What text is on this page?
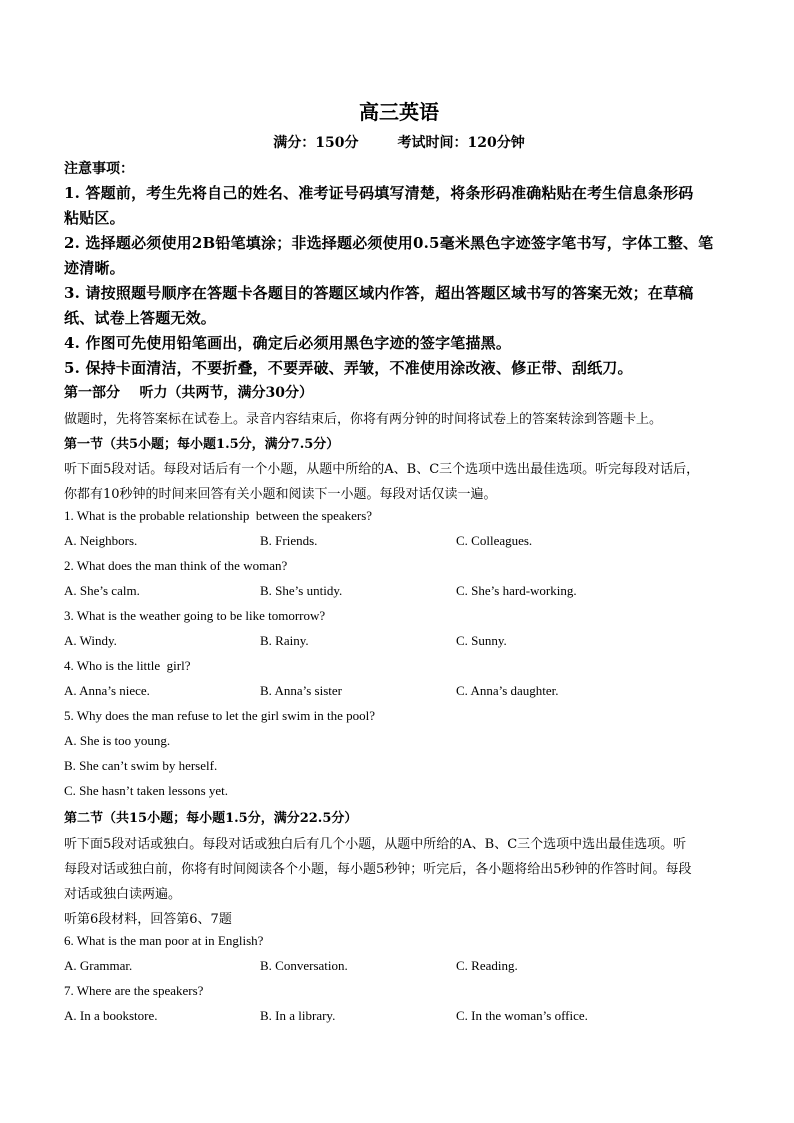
高三英语
满分：150分        考试时间：120分钟
注意事项：
1. 答题前，考生先将自己的姓名、准考证号码填写清楚，将条形码准确粘贴在考生信息条形码
粘贴区。
2. 选择题必须使用2B铅笔填涂；非选择题必须使用0.5毫米黑色字迹签字笔书写，字体工整、笔
迹清晰。
3. 请按照题号顺序在答题卡各题目的答题区域内作答，超出答题区域书写的答案无效；在草稿
纸、试卷上答题无效。
4. 作图可先使用铅笔画出，确定后必须用黑色字迹的签字笔描黑。
5. 保持卡面清洁，不要折叠，不要弄破、弄皱，不准使用涂改液、修正带、刮纸刀。
第一部分    听力（共两节，满分30分）
做题时，先将答案标在试卷上。录音内容结束后，你将有两分钟的时间将试卷上的答案转涂到答题卡上。
第一节（共5小题；每小题1.5分，满分7.5分）
听下面5段对话。每段对话后有一个小题，从题中所给的A、B、C三个选项中选出最佳选项。听完每段对话后，
你都有10秒钟的时间来回答有关小题和阅读下一小题。每段对话仅读一遍。
1. What is the probable relationship  between the speakers?
A. Neighbors.	B. Friends.	C. Colleagues.
2. What does the man think of the woman?
A. She’s calm.	B. She’s untidy.	C. She’s hard-working.
3. What is the weather going to be like tomorrow?
A. Windy.	B. Rainy.	C. Sunny.
4. Who is the little  girl?
A. Anna’s niece.	B. Anna’s sister	C. Anna’s daughter.
5. Why does the man refuse to let the girl swim in the pool?
A. She is too young.
B. She can’t swim by herself.
C. She hasn’t taken lessons yet.
第二节（共15小题；每小题1.5分，满分22.5分）
听下面5段对话或独白。每段对话或独白后有几个小题，从题中所给的A、B、C三个选项中选出最佳选项。听
每段对话或独白前，你将有时间阅读各个小题，每小题5秒钟；听完后，各小题将给出5秒钟的作答时间。每段
对话或独白读两遍。
听第6段材料，回答第6、7题
6. What is the man poor at in English?
A. Grammar.	B. Conversation.	C. Reading.
7. Where are the speakers?
A. In a bookstore.	B. In a library.	C. In the woman’s office.
